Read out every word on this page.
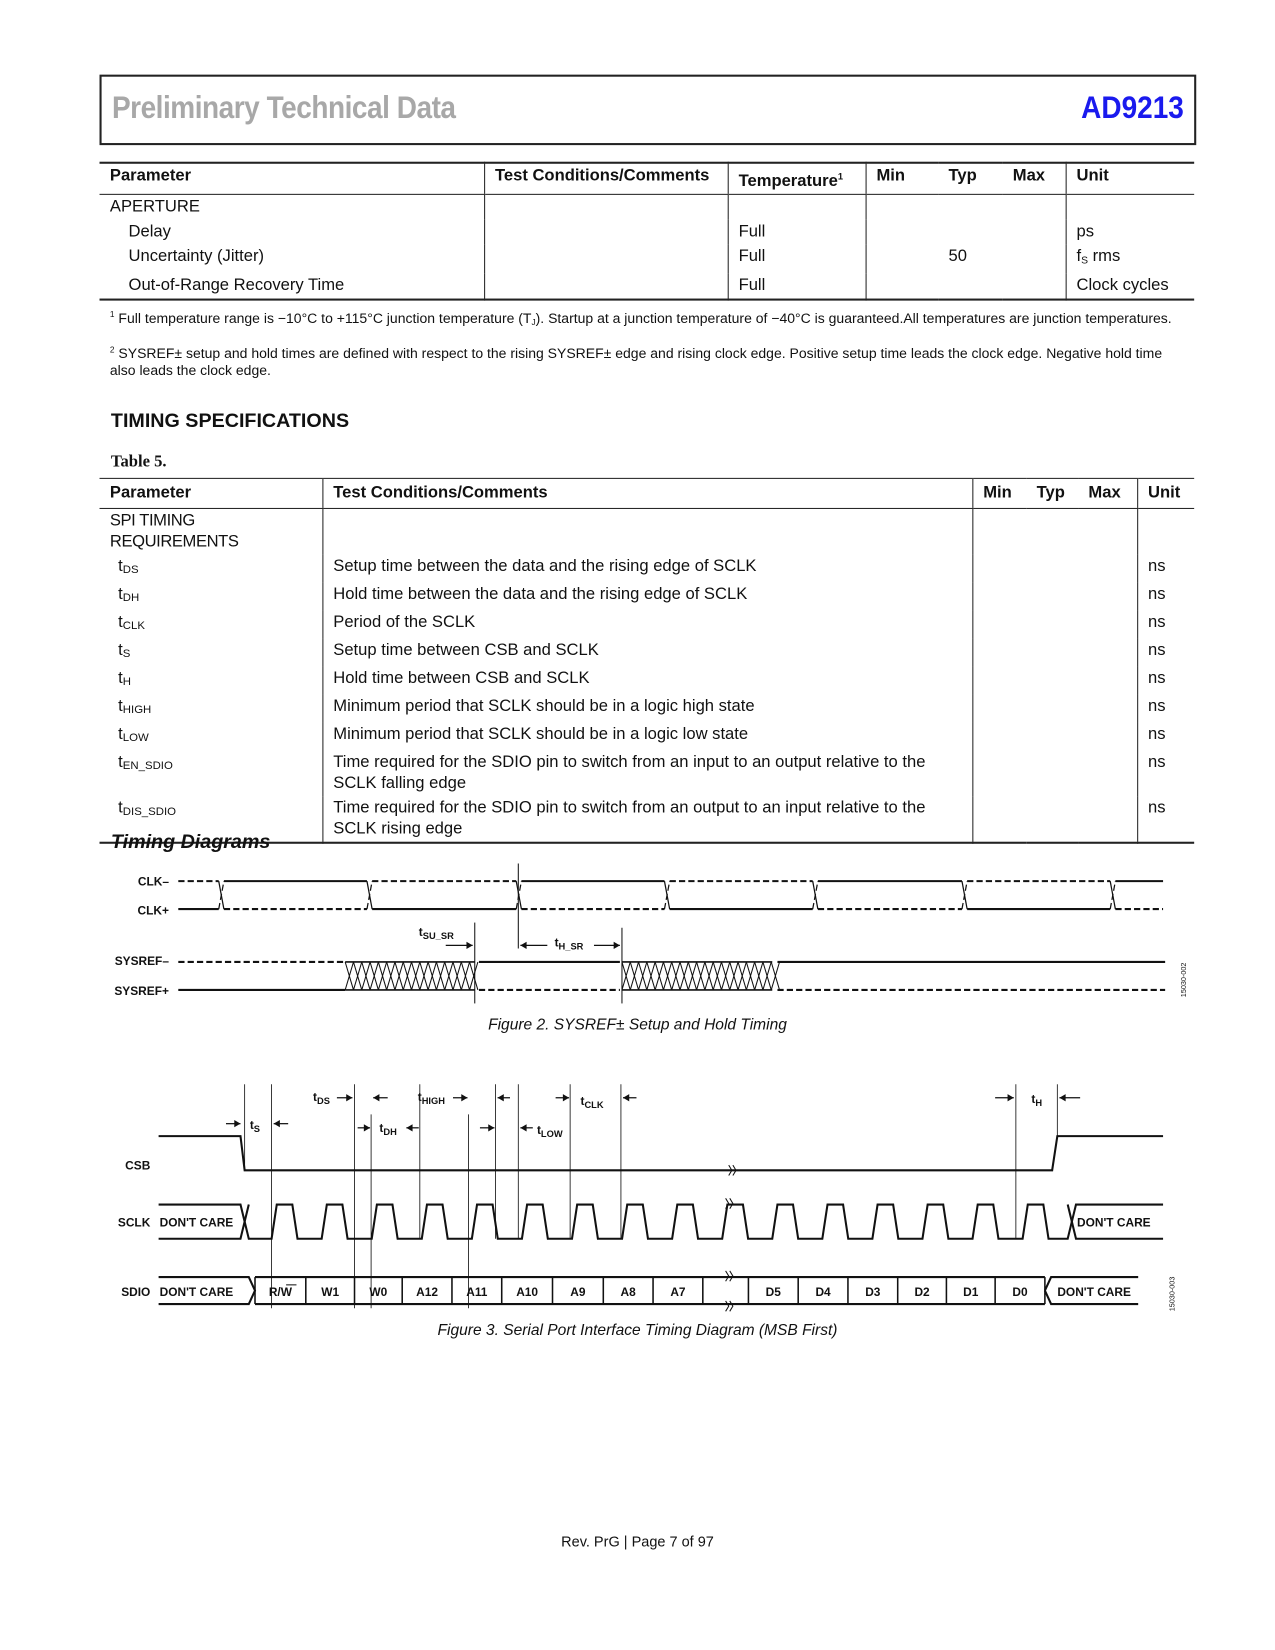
Preliminary Technical Data	AD9213
Parameter	Test Conditions/Comments	Temperature$^1$	Min	Typ	Max	Unit
APERTURE						
Delay		Full				ps
Uncertainty (Jitter)		Full		50		$f_S$ rms
Out-of-Range Recovery Time		Full				Clock cycles
$^1$ Full temperature range is −10°C to +115°C junction temperature $(T_J)$. Startup at a junction temperature of −40°C is guaranteed.All temperatures are junction temperatures.
$^2$ SYSREF± setup and hold times are defined with respect to the rising SYSREF± edge and rising clock edge. Positive setup time leads the clock edge. Negative hold time also leads the clock edge.
TIMING SPECIFICATIONS
Table 5.
Parameter	Test Conditions/Comments	Min	Typ	Max	Unit
SPI TIMING REQUIREMENTS					
$t_{DS}$	Setup time between the data and the rising edge of SCLK				ns
$t_{DH}$	Hold time between the data and the rising edge of SCLK				ns
$t_{CLK}$	Period of the SCLK				ns
$t_S$	Setup time between CSB and SCLK				ns
$t_H$	Hold time between CSB and SCLK				ns
$t_{HIGH}$	Minimum period that SCLK should be in a logic high state				ns
$t_{LOW}$	Minimum period that SCLK should be in a logic low state				ns
$t_{EN\_SDIO}$	Time required for the SDIO pin to switch from an input to an output relative to the SCLK falling edge				ns
$t_{DIS\_SDIO}$	Time required for the SDIO pin to switch from an output to an input relative to the SCLK rising edge				ns
Timing Diagrams
CLK–
CLK+
SYSREF–
SYSREF+
$t_{SU\_SR}$	$t_{H\_SR}$
15030-002
CSB
SCLK
SDIO
DON'T CARE	DON'T CARE
DON'T CARE	DON'T CARE
$t_S$
$t_{DS}$
$t_{DH}$
$t_{HIGH}$
$t_{LOW}$
$t_{CLK}$	$t_H$
R/W	W1	W0	A12 A11	A10	A9	A8	A7	D5	D4	D3	D2	D1	D0	15030-003
Figure 2. SYSREF± Setup and Hold Timing
Figure 3. Serial Port Interface Timing Diagram (MSB First)
Rev. PrG | Page 7 of 97
